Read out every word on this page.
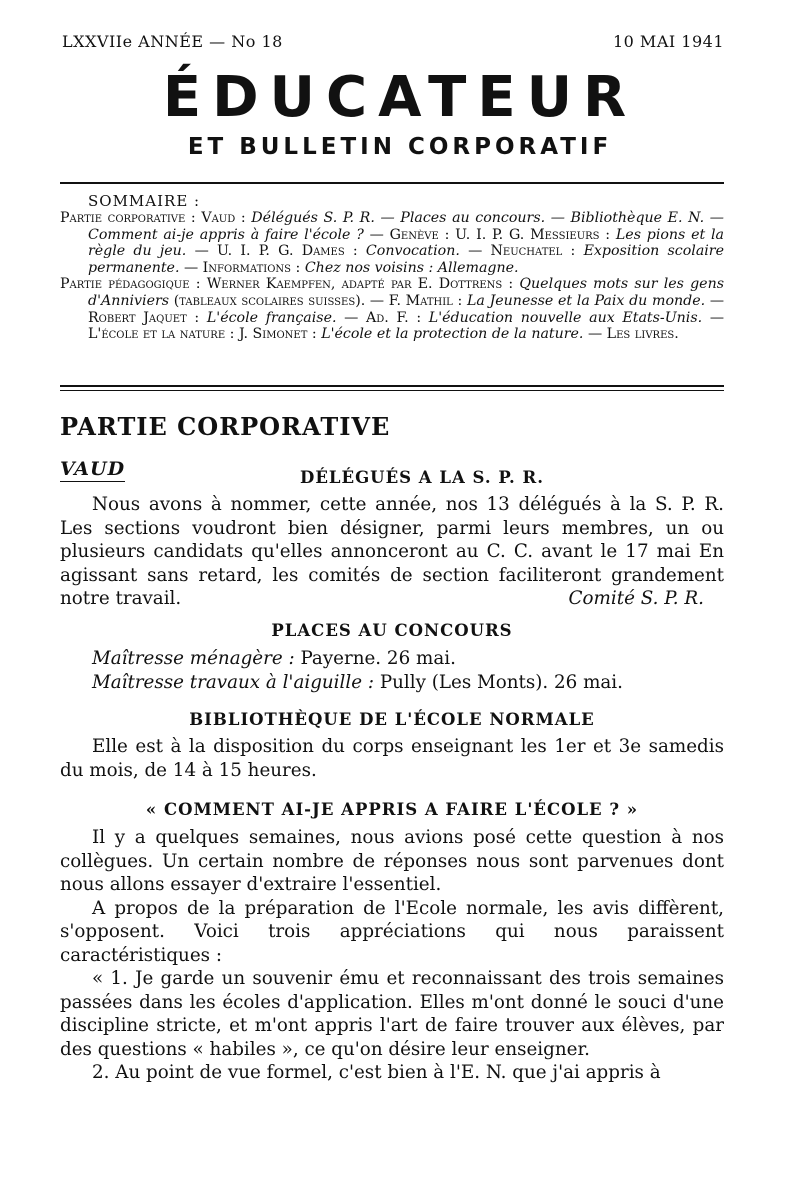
LXXVIIe ANNÉE — No 18	10 MAI 1941
ÉDUCATEUR
ET BULLETIN CORPORATIF
SOMMAIRE :

Partie corporative : Vaud : Délégués S. P. R. — Places au concours. — Bibliothèque E. N. — Comment ai-je appris à faire l'école ? — Genève : U. I. P. G. Messieurs : Les pions et la règle du jeu. — U. I. P. G. Dames : Convocation. — Neuchatel : Exposition scolaire permanente. — Informations : Chez nos voisins : Allemagne.

Partie pédagogique : Werner Kaempfen, adapté par E. Dottrens : Quelques mots sur les gens d'Anniviers (tableaux scolaires suisses). — F. Mathil : La Jeunesse et la Paix du monde. — Robert Jaquet : L'école française. — Ad. F. : L'éducation nouvelle aux Etats-Unis. — L'école et la nature : J. Simonet : L'école et la protection de la nature. — Les livres.

PARTIE CORPORATIVE
VAUD	DÉLÉGUÉS A LA S. P. R.

Nous avons à nommer, cette année, nos 13 délégués à la S. P. R. Les sections voudront bien désigner, parmi leurs membres, un ou plusieurs candidats qu'elles annonceront au C. C. avant le 17 mai En agissant sans retard, les comités de section faciliteront grandement notre travail.	Comité S. P. R.

PLACES AU CONCOURS
Maîtresse ménagère : Payerne. 26 mai.
Maîtresse travaux à l'aiguille : Pully (Les Monts). 26 mai.
BIBLIOTHÈQUE DE L'ÉCOLE NORMALE

Elle est à la disposition du corps enseignant les 1er et 3e samedis du mois, de 14 à 15 heures.

« COMMENT AI-JE APPRIS A FAIRE L'ÉCOLE ? »

Il y a quelques semaines, nous avions posé cette question à nos collègues. Un certain nombre de réponses nous sont parvenues dont nous allons essayer d'extraire l'essentiel.

A propos de la préparation de l'Ecole normale, les avis diffèrent, s'opposent. Voici trois appréciations qui nous paraissent caractéristiques :

« 1. Je garde un souvenir ému et reconnaissant des trois semaines passées dans les écoles d'application. Elles m'ont donné le souci d'une discipline stricte, et m'ont appris l'art de faire trouver aux élèves, par des questions « habiles », ce qu'on désire leur enseigner.

2. Au point de vue formel, c'est bien à l'E. N. que j'ai appris à
